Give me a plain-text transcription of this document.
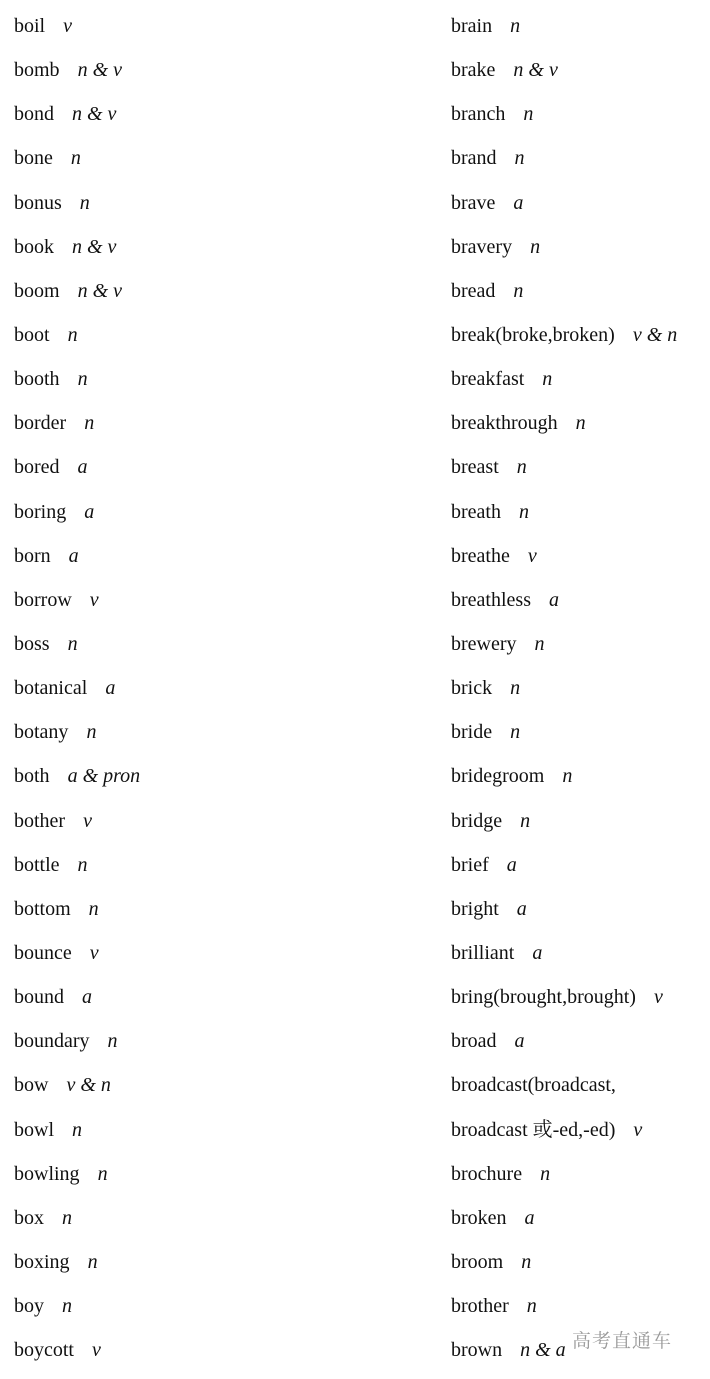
boil v
bomb n & v
bond n & v
bone n
bonus n
book n & v
boom n & v
boot n
booth n
border n
bored a
boring a
born a
borrow v
boss n
botanical a
botany n
both a & pron
bother v
bottle n
bottom n
bounce v
bound a
boundary n
bow v & n
bowl n
bowling n
box n
boxing n
boy n
boycott v
brain n
brake n & v
branch n
brand n
brave a
bravery n
bread n
break(broke,broken) v & n
breakfast n
breakthrough n
breast n
breath n
breathe v
breathless a
brewery n
brick n
bride n
bridegroom n
bridge n
brief a
bright a
brilliant a
bring(brought,brought) v
broad a
broadcast(broadcast,
broadcast 或-ed,-ed) v
brochure n
broken a
broom n
brother n
brown n & a 高考直通车
